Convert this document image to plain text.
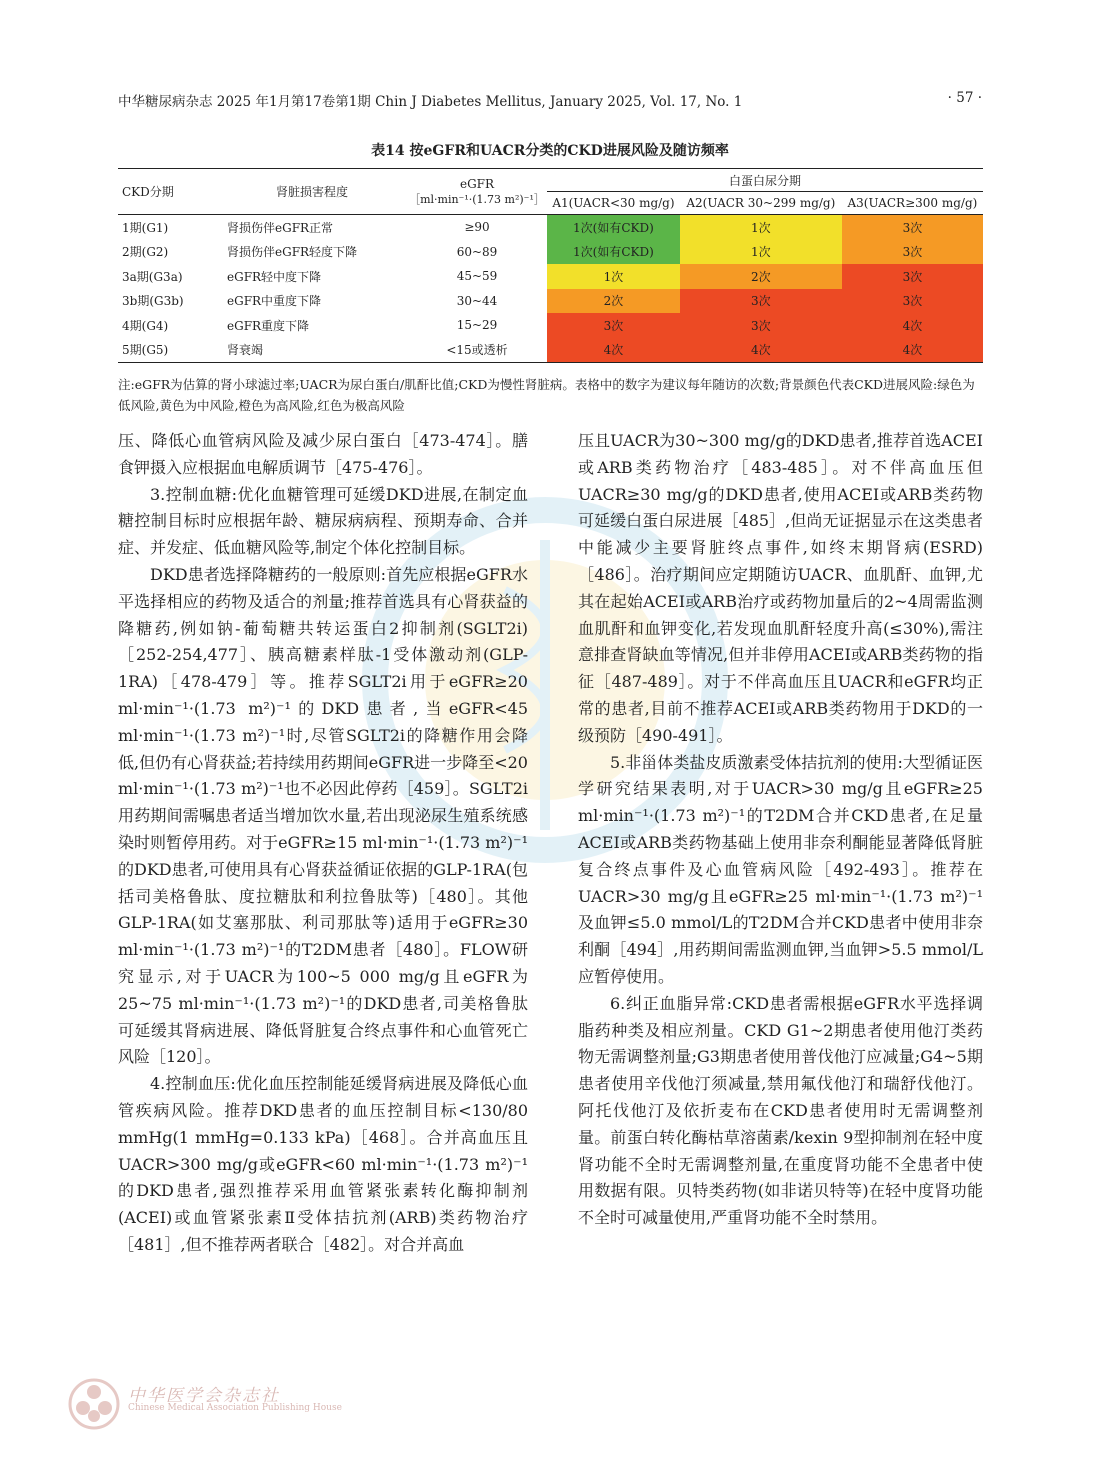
中华糖尿病杂志 2025 年1月第17卷第1期 Chin J Diabetes Mellitus, January 2025, Vol. 17, No. 1	· 57 ·
表14 按eGFR和UACR分类的CKD进展风险及随访频率
CKD分期	肾脏损害程度	eGFR
［ml·min⁻¹·(1.73 m²)⁻¹］	白蛋白尿分期		
			A1(UACR<30 mg/g)	A2(UACR 30~299 mg/g)	A3(UACR≥300 mg/g)
1期(G1)	肾损伤伴eGFR正常	≥90	1次(如有CKD)	1次	3次
2期(G2)	肾损伤伴eGFR轻度下降	60~89	1次(如有CKD)	1次	3次
3a期(G3a)	eGFR轻中度下降	45~59	1次	2次	3次
3b期(G3b)	eGFR中重度下降	30~44	2次	3次	3次
4期(G4)	eGFR重度下降	15~29	3次	3次	4次
5期(G5)	肾衰竭	<15或透析	4次	4次	4次
注:eGFR为估算的肾小球滤过率;UACR为尿白蛋白/肌酐比值;CKD为慢性肾脏病。表格中的数字为建议每年随访的次数;背景颜色代表CKD进展风险:绿色为低风险,黄色为中风险,橙色为高风险,红色为极高风险

压、降低心血管病风险及减少尿白蛋白［473-474］。膳食钾摄入应根据血电解质调节［475-476］。

3.控制血糖:优化血糖管理可延缓DKD进展,在制定血糖控制目标时应根据年龄、糖尿病病程、预期寿命、合并症、并发症、低血糖风险等,制定个体化控制目标。

DKD患者选择降糖药的一般原则:首先应根据eGFR水平选择相应的药物及适合的剂量;推荐首选具有心肾获益的降糖药,例如钠-葡萄糖共转运蛋白2抑制剂(SGLT2i)［252-254,477］、胰高糖素样肽-1受体激动剂(GLP-1RA)［478-479］等。推荐SGLT2i用于eGFR≥20 ml·min⁻¹·(1.73 m²)⁻¹的DKD患者,当eGFR<45 ml·min⁻¹·(1.73 m²)⁻¹时,尽管SGLT2i的降糖作用会降低,但仍有心肾获益;若持续用药期间eGFR进一步降至<20 ml·min⁻¹·(1.73 m²)⁻¹也不必因此停药［459］。SGLT2i用药期间需嘱患者适当增加饮水量,若出现泌尿生殖系统感染时则暂停用药。对于eGFR≥15 ml·min⁻¹·(1.73 m²)⁻¹的DKD患者,可使用具有心肾获益循证依据的GLP-1RA(包括司美格鲁肽、度拉糖肽和利拉鲁肽等)［480］。其他GLP-1RA(如艾塞那肽、利司那肽等)适用于eGFR≥30 ml·min⁻¹·(1.73 m²)⁻¹的T2DM患者［480］。FLOW研究显示,对于UACR为100~5 000 mg/g且eGFR为25~75 ml·min⁻¹·(1.73 m²)⁻¹的DKD患者,司美格鲁肽可延缓其肾病进展、降低肾脏复合终点事件和心血管死亡风险［120］。

4.控制血压:优化血压控制能延缓肾病进展及降低心血管疾病风险。推荐DKD患者的血压控制目标<130/80 mmHg(1 mmHg=0.133 kPa)［468］。合并高血压且UACR>300 mg/g或eGFR<60 ml·min⁻¹·(1.73 m²)⁻¹的DKD患者,强烈推荐采用血管紧张素转化酶抑制剂(ACEI)或血管紧张素Ⅱ受体拮抗剂(ARB)类药物治疗［481］,但不推荐两者联合［482］。对合并高血

压且UACR为30~300 mg/g的DKD患者,推荐首选ACEI或ARB类药物治疗［483-485］。对不伴高血压但UACR≥30 mg/g的DKD患者,使用ACEI或ARB类药物可延缓白蛋白尿进展［485］,但尚无证据显示在这类患者中能减少主要肾脏终点事件,如终末期肾病(ESRD)［486］。治疗期间应定期随访UACR、血肌酐、血钾,尤其在起始ACEI或ARB治疗或药物加量后的2~4周需监测血肌酐和血钾变化,若发现血肌酐轻度升高(≤30%),需注意排查肾缺血等情况,但并非停用ACEI或ARB类药物的指征［487-489］。对于不伴高血压且UACR和eGFR均正常的患者,目前不推荐ACEI或ARB类药物用于DKD的一级预防［490-491］。

5.非甾体类盐皮质激素受体拮抗剂的使用:大型循证医学研究结果表明,对于UACR>30 mg/g且eGFR≥25 ml·min⁻¹·(1.73 m²)⁻¹的T2DM合并CKD患者,在足量ACEI或ARB类药物基础上使用非奈利酮能显著降低肾脏复合终点事件及心血管病风险［492-493］。推荐在UACR>30 mg/g且eGFR≥25 ml·min⁻¹·(1.73 m²)⁻¹及血钾≤5.0 mmol/L的T2DM合并CKD患者中使用非奈利酮［494］,用药期间需监测血钾,当血钾>5.5 mmol/L应暂停使用。

6.纠正血脂异常:CKD患者需根据eGFR水平选择调脂药种类及相应剂量。CKD G1~2期患者使用他汀类药物无需调整剂量;G3期患者使用普伐他汀应减量;G4~5期患者使用辛伐他汀须减量,禁用氟伐他汀和瑞舒伐他汀。阿托伐他汀及依折麦布在CKD患者使用时无需调整剂量。前蛋白转化酶枯草溶菌素/kexin 9型抑制剂在轻中度肾功能不全时无需调整剂量,在重度肾功能不全患者中使用数据有限。贝特类药物(如非诺贝特等)在轻中度肾功能不全时可减量使用,严重肾功能不全时禁用。

中华医学会杂志社
Chinese Medical Association Publishing House
